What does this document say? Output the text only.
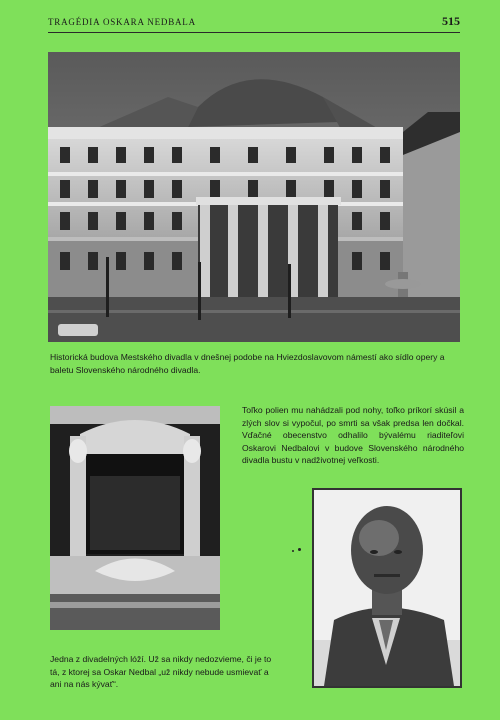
TRAGÉDIA OSKARA NEDBALA	515
Historická budova Mestského divadla v dnešnej podobe na Hviezdoslavovom námestí ako sídlo opery a baletu Slovenského národného divadla.
Jedna z divadelných lóží. Už sa nikdy nedozvieme, či je to tá, z ktorej sa Oskar Nedbal „už nikdy nebude usmievať a ani na nás kývať“.
Toľko polien mu nahádzali pod nohy, toľko príkorí skúsil a zlých slov si vypočul, po smrti sa však predsa len dočkal. Vďačné obecenstvo odhalilo bývalému riaditeľovi Oskarovi Nedbalovi v budove Slovenského národného divadla bustu v nadživotnej veľkosti.
